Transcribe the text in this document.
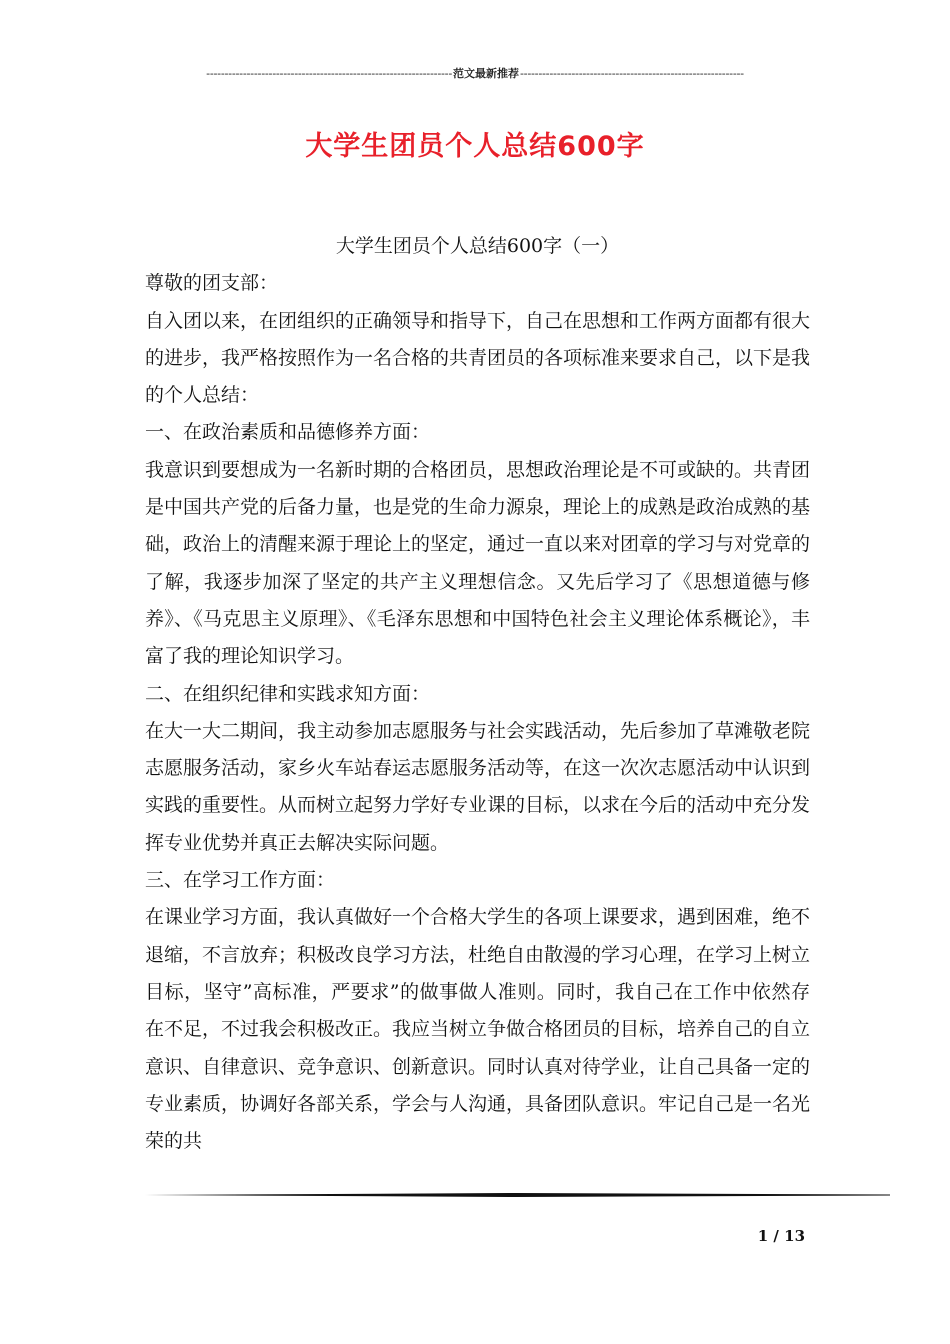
-------------------------------------------------------------------范文最新推荐-------------------------------------------------------------
大学生团员个人总结600字

大学生团员个人总结600字（一）

尊敬的团支部：

自入团以来，在团组织的正确领导和指导下，自己在思想和工作两方面都有很大的进步，我严格按照作为一名合格的共青团员的各项标准来要求自己，以下是我的个人总结：

一、在政治素质和品德修养方面：

我意识到要想成为一名新时期的合格团员，思想政治理论是不可或缺的。共青团是中国共产党的后备力量，也是党的生命力源泉，理论上的成熟是政治成熟的基础，政治上的清醒来源于理论上的坚定，通过一直以来对团章的学习与对党章的了解，我逐步加深了坚定的共产主义理想信念。又先后学习了《思想道德与修养》、《马克思主义原理》、《毛泽东思想和中国特色社会主义理论体系概论》，丰富了我的理论知识学习。

二、在组织纪律和实践求知方面：

在大一大二期间，我主动参加志愿服务与社会实践活动，先后参加了草滩敬老院志愿服务活动，家乡火车站春运志愿服务活动等，在这一次次志愿活动中认识到实践的重要性。从而树立起努力学好专业课的目标，以求在今后的活动中充分发挥专业优势并真正去解决实际问题。

三、在学习工作方面：

在课业学习方面，我认真做好一个合格大学生的各项上课要求，遇到困难，绝不退缩，不言放弃；积极改良学习方法，杜绝自由散漫的学习心理，在学习上树立目标，坚守”高标准，严要求”的做事做人准则。同时，我自己在工作中依然存在不足，不过我会积极改正。我应当树立争做合格团员的目标，培养自己的自立意识、自律意识、竞争意识、创新意识。同时认真对待学业，让自己具备一定的专业素质，协调好各部关系，学会与人沟通，具备团队意识。牢记自己是一名光荣的共

1 / 13
